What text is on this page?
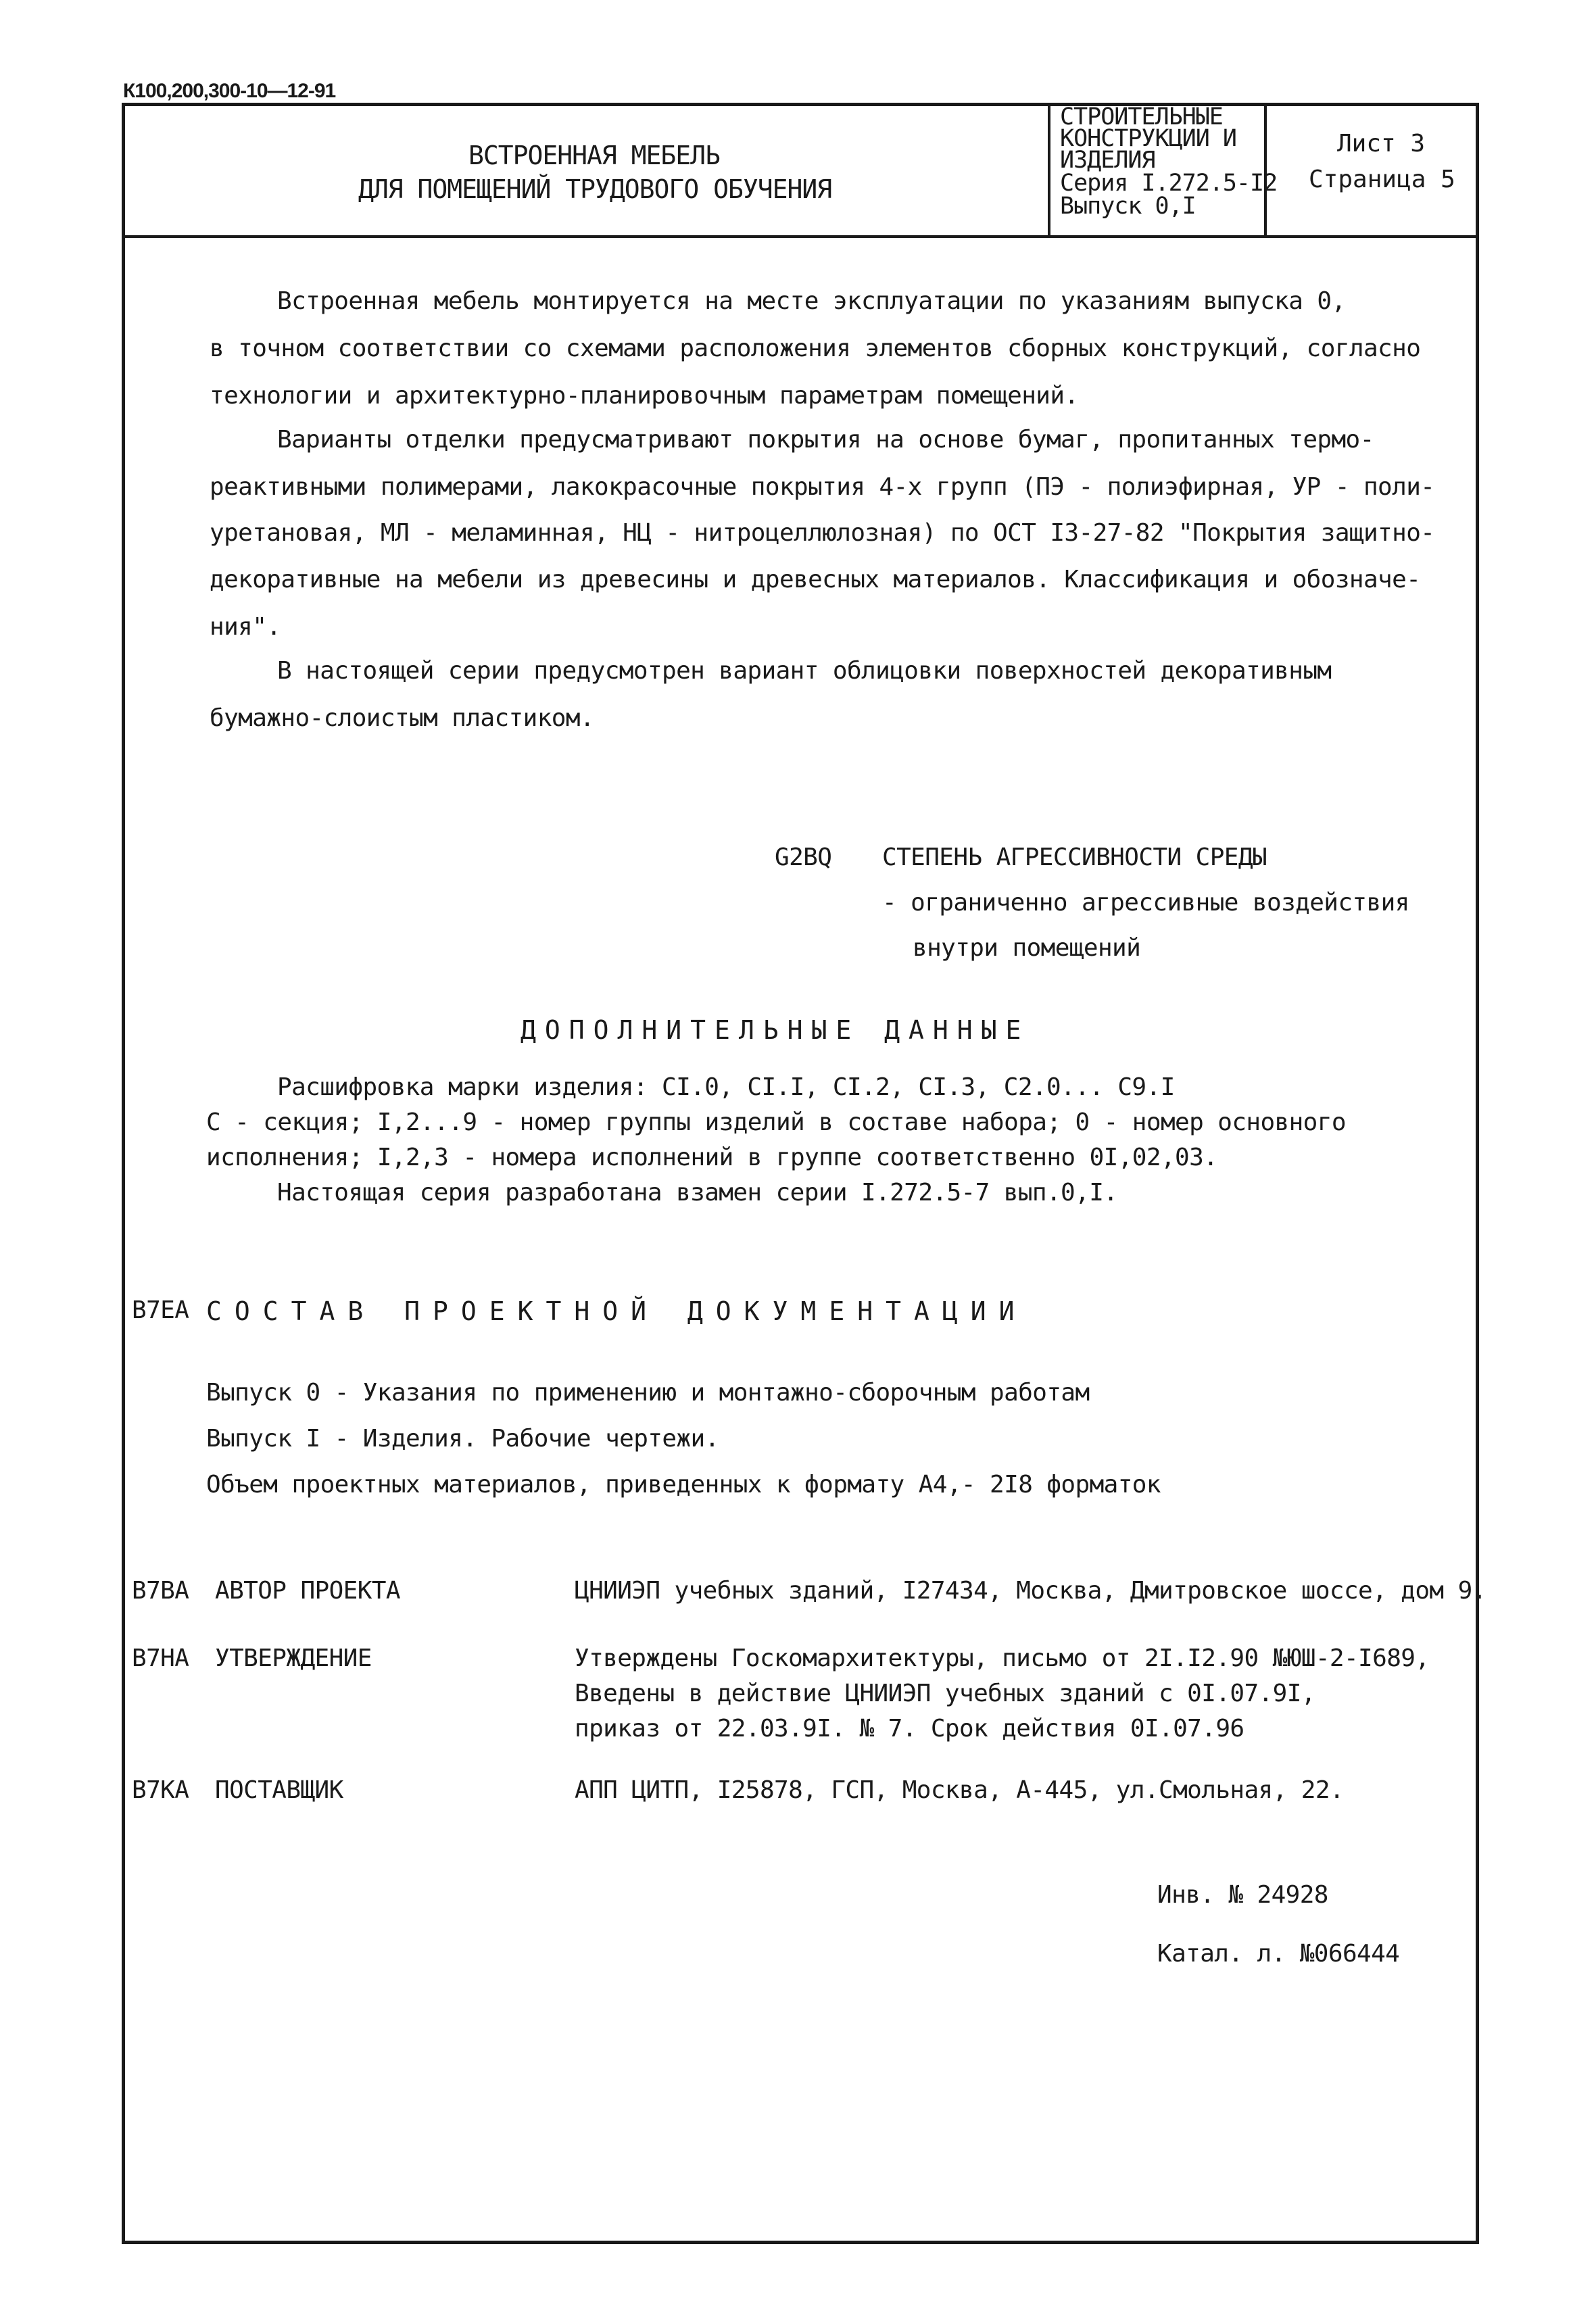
К100,200,300-10—12-91
ВСТРОЕННАЯ МЕБЕЛЬ
ДЛЯ ПОМЕЩЕНИЙ ТРУДОВОГО ОБУЧЕНИЯ
СТРОИТЕЛЬНЫЕ
КОНСТРУКЦИИ И
ИЗДЕЛИЯ
Серия I.272.5-I2
Выпуск 0,I
Лист 3
Страница 5
Встроенная мебель монтируется на месте эксплуатации по указаниям выпуска 0,
в точном соответствии со схемами расположения элементов сборных конструкций, согласно
технологии и архитектурно-планировочным параметрам помещений.
Варианты отделки предусматривают покрытия на основе бумаг, пропитанных термо-
реактивными полимерами, лакокрасочные покрытия 4-х групп (ПЭ - полиэфирная, УР - поли-
уретановая, МЛ - меламинная, НЦ - нитроцеллюлозная) по ОСТ I3-27-82 "Покрытия защитно-
декоративные на мебели из древесины и древесных материалов. Классификация и обозначе-
ния".
В настоящей серии предусмотрен вариант облицовки поверхностей декоративным
бумажно-слоистым пластиком.
G2BQ СТЕПЕНЬ АГРЕССИВНОСТИ СРЕДЫ
- ограниченно агрессивные воздействия
внутри помещений
ДОПОЛНИТЕЛЬНЫЕ ДАННЫЕ
Расшифровка марки изделия: CI.0, CI.I, CI.2, CI.3, C2.0... C9.I
С - секция; I,2...9 - номер группы изделий в составе набора; 0 - номер основного
исполнения; I,2,3 - номера исполнений в группе соответственно 0I,02,03.
Настоящая серия разработана взамен серии I.272.5-7 вып.0,I.
B7EA СОСТАВ ПРОЕКТНОЙ ДОКУМЕНТАЦИИ
Выпуск 0 - Указания по применению и монтажно-сборочным работам
Выпуск I - Изделия. Рабочие чертежи.
Объем проектных материалов, приведенных к формату А4,- 2I8 форматок
B7BA АВТОР ПРОЕКТА	ЦНИИЭП учебных зданий, I27434, Москва, Дмитровское шоссе, дом 9.
B7HA УТВЕРЖДЕНИЕ	Утверждены Госкомархитектуры, письмо от 2I.I2.90 №ЮШ-2-I689,
Введены в действие ЦНИИЭП учебных зданий с 0I.07.9I,
приказ от 22.03.9I. № 7. Срок действия 0I.07.96
B7KA ПОСТАВЩИК	АПП ЦИТП, I25878, ГСП, Москва, А-445, ул.Смольная, 22.
Инв. № 24928
Катал. л. №066444
